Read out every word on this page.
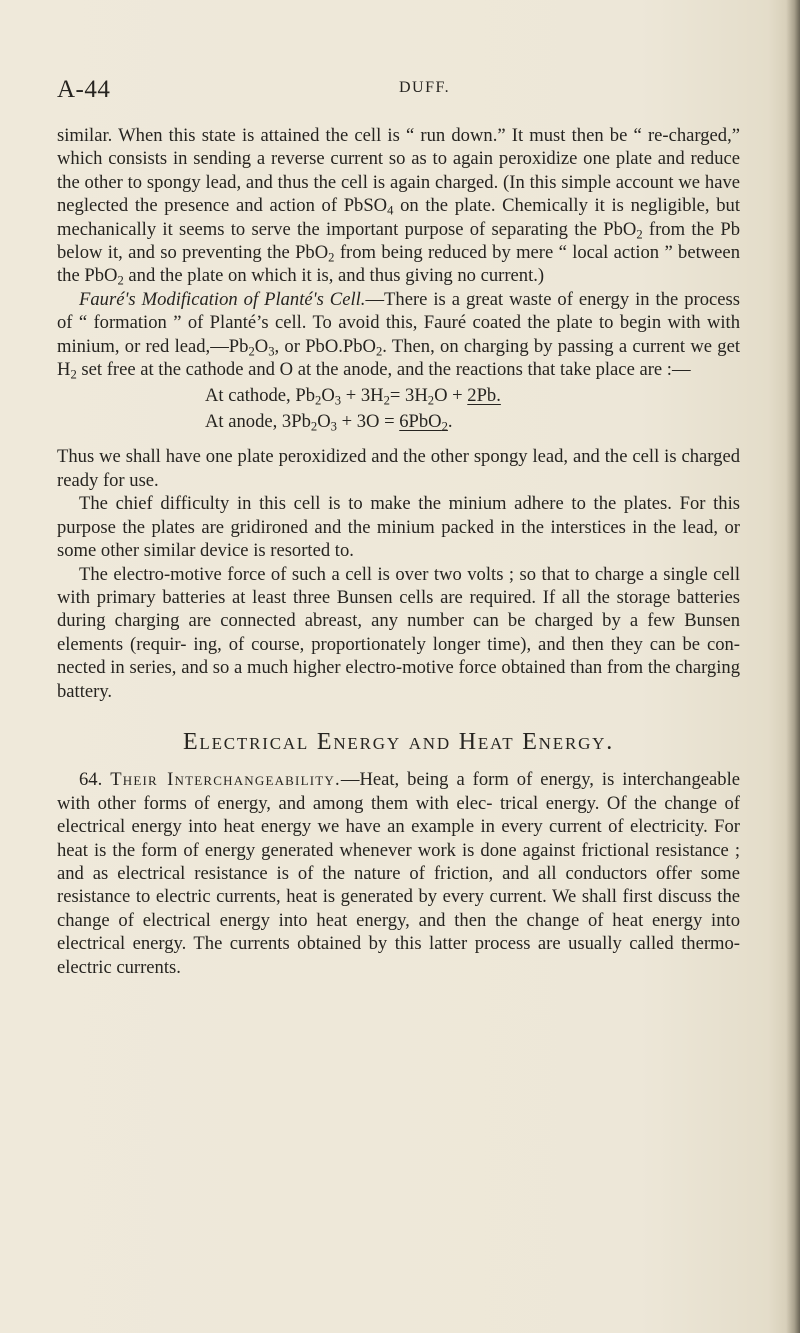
A-44	DUFF.

similar. When this state is attained the cell is “ run down.” It must then be “ re-charged,” which consists in sending a reverse current so as to again peroxidize one plate and reduce the other to spongy lead, and thus the cell is again charged. (In this simple account we have neglected the presence and action of PbSO$_4$ on the plate. Chemically it is negligible, but mechanically it seems to serve the important purpose of separating the PbO$_2$ from the Pb below it, and so preventing the PbO$_2$ from being reduced by mere “ local action ” between the PbO$_2$ and the plate on which it is, and thus giving no current.)

Fauré's Modification of Planté's Cell.—There is a great waste of energy in the process of “ formation ” of Planté’s cell. To avoid this, Fauré coated the plate to begin with with minium, or red $lead,—Pb_2O_3$, or PbO.PbO$_2$. Then, on charging by passing a current we get $H_2$ set free at the cathode and O at the anode, and the reactions that take place are :—

At cathode, $Pb_2O_3 + 3H_2= 3H_2O + 2Pb$.

At anode, $3Pb_2O_3 + 3O = 6PbO_2$.

Thus we shall have one plate peroxidized and the other spongy lead, and the cell is charged ready for use.

The chief difficulty in this cell is to make the minium adhere to the plates. For this purpose the plates are gridironed and the minium packed in the interstices in the lead, or some other similar device is resorted to.

The electro-motive force of such a cell is over two volts ; so that to charge a single cell with primary batteries at least three Bunsen cells are required. If all the storage batteries during charging are connected abreast, any number can be charged by a few Bunsen elements (requir- ing, of course, proportionately longer time), and then they can be con- nected in series, and so a much higher electro-motive force obtained than from the charging battery.

Electrical Energy and Heat Energy.

64. Their Interchangeability.—Heat, being a form of energy, is interchangeable with other forms of energy, and among them with elec- trical energy. Of the change of electrical energy into heat energy we have an example in every current of electricity. For heat is the form of energy generated whenever work is done against frictional resistance ; and as electrical resistance is of the nature of friction, and all conductors offer some resistance to electric currents, heat is generated by every current. We shall first discuss the change of electrical energy into heat energy, and then the change of heat energy into electrical energy. The currents obtained by this latter process are usually called thermo-electric currents.
